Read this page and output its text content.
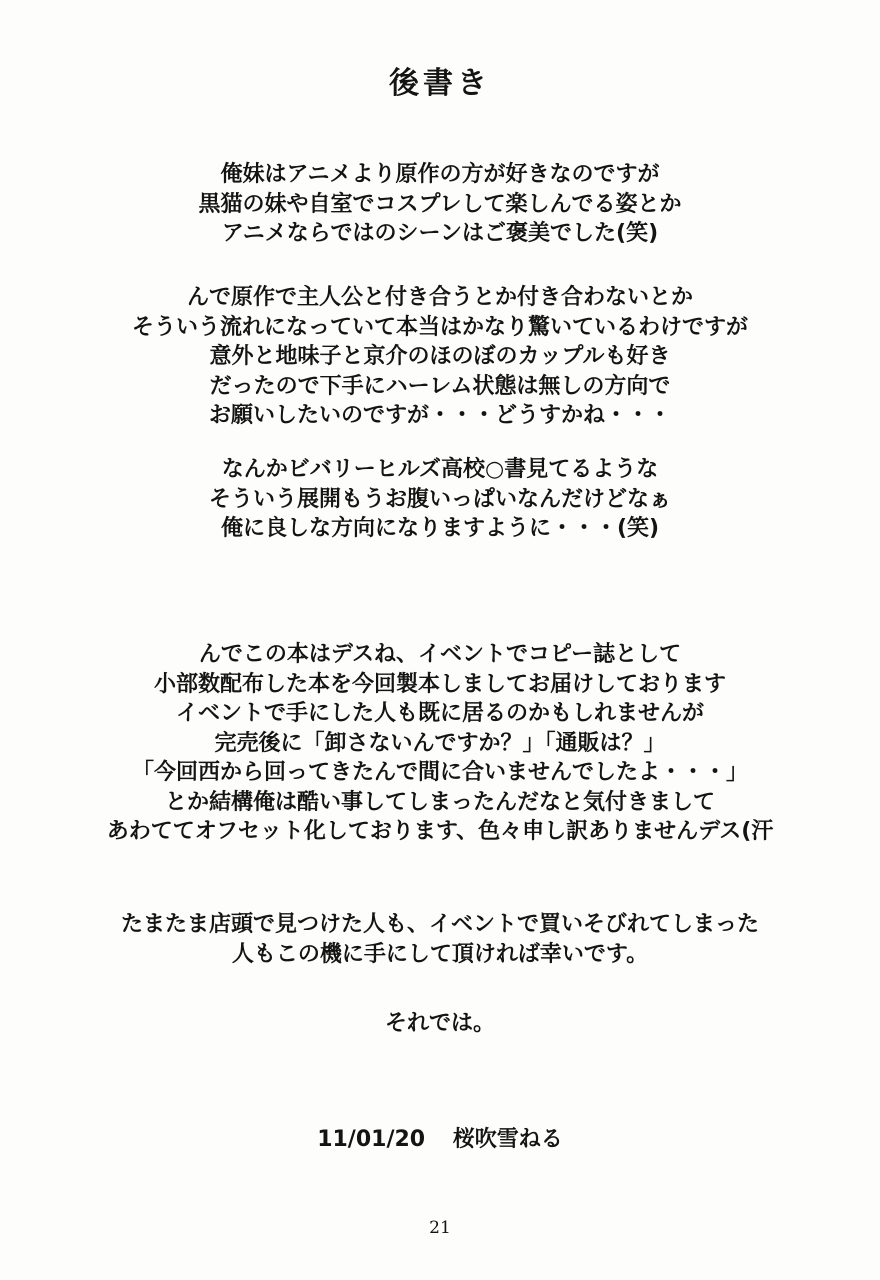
後書き
俺妹はアニメより原作の方が好きなのですが
黒猫の妹や自室でコスプレして楽しんでる姿とか
アニメならではのシーンはご褒美でした(笑)
んで原作で主人公と付き合うとか付き合わないとか
そういう流れになっていて本当はかなり驚いているわけですが
意外と地味子と京介のほのぼのカップルも好き
だったので下手にハーレム状態は無しの方向で
お願いしたいのですが・・・どうすかね・・・
なんかビバリーヒルズ高校○書見てるような
そういう展開もうお腹いっぱいなんだけどなぁ
俺に良しな方向になりますように・・・(笑)
んでこの本はデスね、イベントでコピー誌として
小部数配布した本を今回製本しましてお届けしております
イベントで手にした人も既に居るのかもしれませんが
完売後に「卸さないんですか？」「通販は？」
「今回西から回ってきたんで間に合いませんでしたよ・・・」
とか結構俺は酷い事してしまったんだなと気付きまして
あわててオフセット化しております、色々申し訳ありませんデス(汗
たまたま店頭で見つけた人も、イベントで買いそびれてしまった
人もこの機に手にして頂ければ幸いです。
それでは。
11/01/20 桜吹雪ねる
21
